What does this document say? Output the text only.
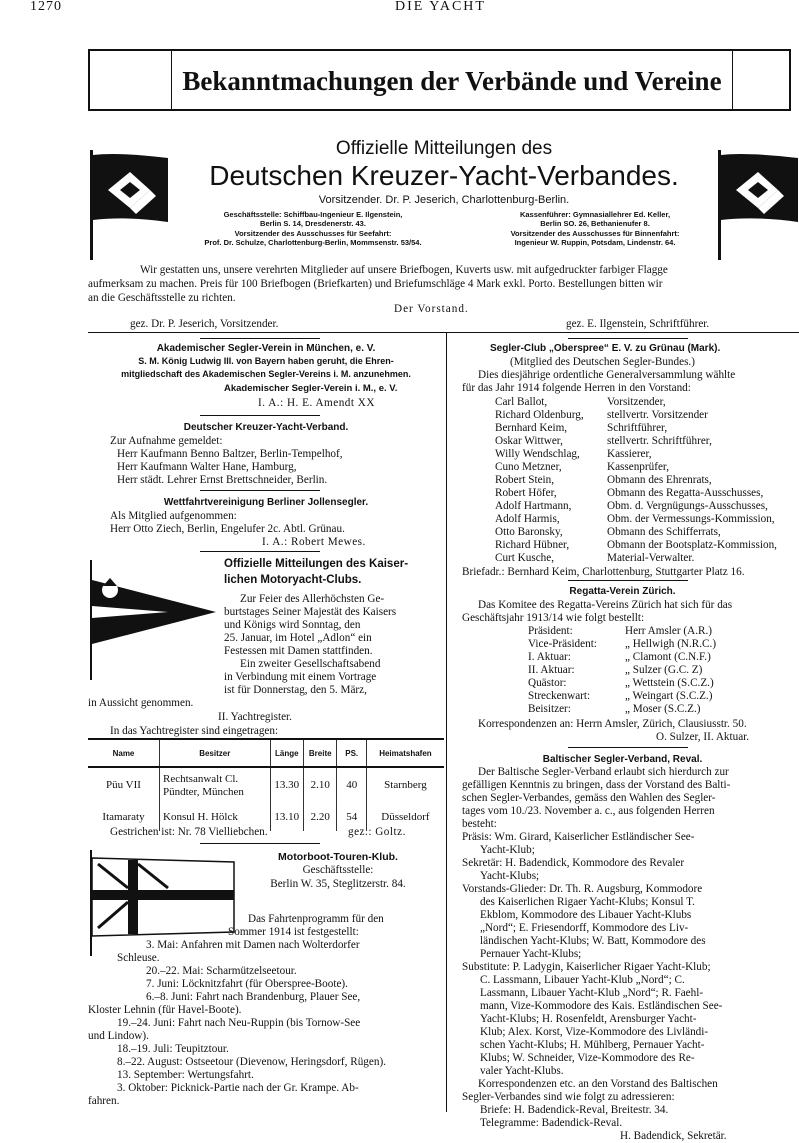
1270	DIE YACHT
Bekanntmachungen der Verbände und Vereine
Offizielle Mitteilungen des
Deutschen Kreuzer-Yacht-Verbandes.
Vorsitzender. Dr. P. Jeserich, Charlottenburg-Berlin.
Geschäftsstelle: Schiffbau-Ingenieur E. Ilgenstein,
Berlin S. 14, Dresdenerstr. 43.
Vorsitzender des Ausschusses für Seefahrt:
Prof. Dr. Schulze, Charlottenburg-Berlin, Mommsenstr. 53/54.
Kassenführer: Gymnasiallehrer Ed. Keller,
Berlin SO. 26, Bethanienufer 8.
Vorsitzender des Ausschusses für Binnenfahrt:
Ingenieur W. Ruppin, Potsdam, Lindenstr. 64.
Wir gestatten uns, unsere verehrten Mitglieder auf unsere Briefbogen, Kuverts usw. mit aufgedruckter farbiger Flagge
aufmerksam zu machen. Preis für 100 Briefbogen (Briefkarten) und Briefumschläge 4 Mark exkl. Porto. Bestellungen bitten wir
an die Geschäftsstelle zu richten.
Der Vorstand.
gez. Dr. P. Jeserich, Vorsitzender.	gez. E. Ilgenstein, Schriftführer.
Akademischer Segler-Verein in München, e. V.
S. M. König Ludwig III. von Bayern haben geruht, die Ehren-
mitgliedschaft des Akademischen Segler-Vereins i. M. anzunehmen.
Akademischer Segler-Verein i. M., e. V.
I. A.: H. E. Amendt XX
Deutscher Kreuzer-Yacht-Verband.
Zur Aufnahme gemeldet:
Herr Kaufmann Benno Baltzer, Berlin-Tempelhof,
Herr Kaufmann Walter Hane, Hamburg,
Herr städt. Lehrer Ernst Brettschneider, Berlin.
Wettfahrtvereinigung Berliner Jollensegler.
Als Mitglied aufgenommen:
Herr Otto Ziech, Berlin, Engelufer 2c. Abtl. Grünau.
I. A.: Robert Mewes.
Offizielle Mitteilungen des Kaiser-
lichen Motoryacht-Clubs.
Zur Feier des Allerhöchsten Ge-
burtstages Seiner Majestät des Kaisers
und Königs wird Sonntag, den
25. Januar, im Hotel „Adlon“ ein
Festessen mit Damen stattfinden.
Ein zweiter Gesellschaftsabend
in Verbindung mit einem Vortrage
ist für Donnerstag, den 5. März,
in Aussicht genommen.
II. Yachtregister.
In das Yachtregister sind eingetragen:
Name	Besitzer	Länge	Breite	PS.	Heimatshafen
Püu VII	Rechtsanwalt Cl.
Pündter, München	13.30	2.10	40	Starnberg
Itamaraty	Konsul H. Hölck	13.10	2.20	54	Düsseldorf
Gestrichen ist: Nr. 78 Vielliebchen.	gez.: Goltz.
Motorboot-Touren-Klub.
Geschäftsstelle:
Berlin W. 35, Steglitzerstr. 84.
Das Fahrtenprogramm für den
Sommer 1914 ist festgestellt:
3. Mai: Anfahren mit Damen nach Wolterdorfer
Schleuse.
20.–22. Mai: Scharmützelseetour.
7. Juni: Löcknitzfahrt (für Oberspree-Boote).
6.–8. Juni: Fahrt nach Brandenburg, Plauer See,
Kloster Lehnin (für Havel-Boote).
19.–24. Juni: Fahrt nach Neu-Ruppin (bis Tornow-See
und Lindow).
18.–19. Juli: Teupitztour.
8.–22. August: Ostseetour (Dievenow, Heringsdorf, Rügen).
13. September: Wertungsfahrt.
3. Oktober: Picknick-Partie nach der Gr. Krampe. Ab-
fahren.
Segler-Club „Oberspree“ E. V. zu Grünau (Mark).
(Mitglied des Deutschen Segler-Bundes.)
Dies diesjährige ordentliche Generalversammlung wählte
für das Jahr 1914 folgende Herren in den Vorstand:
Briefadr.: Bernhard Keim, Charlottenburg, Stuttgarter Platz 16.
Regatta-Verein Zürich.
Das Komitee des Regatta-Vereins Zürich hat sich für das
Geschäftsjahr 1913/14 wie folgt bestellt:
Korrespondenzen an: Herrn Amsler, Zürich, Clausiusstr. 50.
O. Sulzer, II. Aktuar.
Carl Ballot,	Vorsitzender,
Richard Oldenburg, stellvertr. Vorsitzender
Bernhard Keim,	Schriftführer,
Oskar Wittwer,	stellvertr. Schriftführer,
Willy Wendschlag, Kassierer,
Cuno Metzner,	Kassenprüfer,
Robert Stein,	Obmann des Ehrenrats,
Robert Höfer,	Obmann des Regatta-Ausschusses,
Adolf Hartmann,	Obm. d. Vergnügungs-Ausschusses,
Adolf Harmis,	Obm. der Vermessungs-Kommission,
Otto Baronsky,	Obmann des Schifferrats,
Richard Hübner,	Obmann der Bootsplatz-Kommission,
Curt Kusche,	Material-Verwalter.
Präsident:	Herr Amsler (A.R.)
Vice-Präsident:	„ Hellwigh (N.R.C.)
I. Aktuar:	„ Clamont (C.N.F.)
II. Aktuar:	„ Sulzer (G.C. Z)
Quästor:	„ Wettstein (S.C.Z.)
Streckenwart:	„ Weingart (S.C.Z.)
Beisitzer:	„ Moser (S.C.Z.)
Baltischer Segler-Verband, Reval.
Der Baltische Segler-Verband erlaubt sich hierdurch zur
gefälligen Kenntnis zu bringen, dass der Vorstand des Balti-
schen Segler-Verbandes, gemäss den Wahlen des Segler-
tages vom 10./23. November a. c., aus folgenden Herren
besteht:
Präsis: Wm. Girard, Kaiserlicher Estländischer See-
Yacht-Klub;
Sekretär: H. Badendick, Kommodore des Revaler
Yacht-Klubs;
Vorstands-Glieder: Dr. Th. R. Augsburg, Kommodore
des Kaiserlichen Rigaer Yacht-Klubs; Konsul T.
Ekblom, Kommodore des Libauer Yacht-Klubs
„Nord“; E. Friesendorff, Kommodore des Liv-
ländischen Yacht-Klubs; W. Batt, Kommodore des
Pernauer Yacht-Klubs;
Substitute: P. Ladygin, Kaiserlicher Rigaer Yacht-Klub;
C. Lassmann, Libauer Yacht-Klub „Nord“; C.
Lassmann, Libauer Yacht-Klub „Nord“; R. Faehl-
mann, Vize-Kommodore des Kais. Estländischen See-
Yacht-Klubs; H. Rosenfeldt, Arensburger Yacht-
Klub; Alex. Korst, Vize-Kommodore des Livländi-
schen Yacht-Klubs; H. Mühlberg, Pernauer Yacht-
Klubs; W. Schneider, Vize-Kommodore des Re-
valer Yacht-Klubs.
Korrespondenzen etc. an den Vorstand des Baltischen
Segler-Verbandes sind wie folgt zu adressieren:
Briefe: H. Badendick-Reval, Breitestr. 34.
Telegramme: Badendick-Reval.
H. Badendick, Sekretär.
